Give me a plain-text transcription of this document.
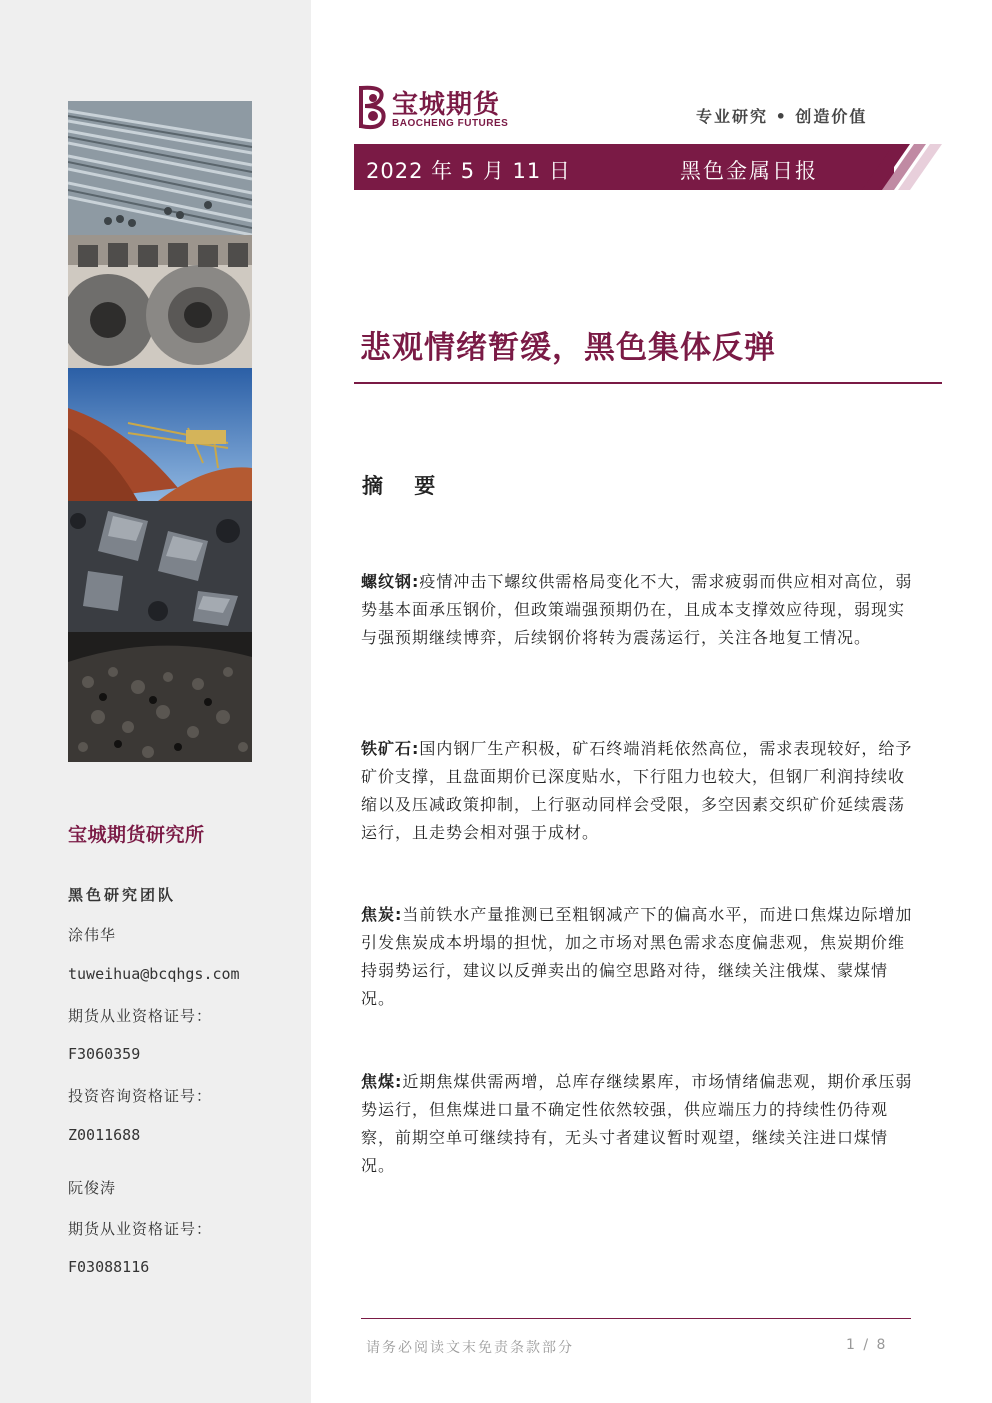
宝城期货研究所
黑色研究团队
涂伟华
tuweihua@bcqhgs.com
期货从业资格证号：
F3060359
投资咨询资格证号：
Z0011688
阮俊涛
期货从业资格证号：
F03088116
宝城期货
BAOCHENG FUTURES	专业研究 • 创造价值
2022 年 5 月 11 日	黑色金属日报
悲观情绪暂缓，黑色集体反弹
摘 要
螺纹钢:疫情冲击下螺纹供需格局变化不大，需求疲弱而供应相对高位，弱势基本面承压钢价，但政策端强预期仍在，且成本支撑效应待现，弱现实与强预期继续博弈，后续钢价将转为震荡运行，关注各地复工情况。
铁矿石:国内钢厂生产积极，矿石终端消耗依然高位，需求表现较好，给予矿价支撑，且盘面期价已深度贴水，下行阻力也较大，但钢厂利润持续收缩以及压减政策抑制，上行驱动同样会受限，多空因素交织矿价延续震荡运行，且走势会相对强于成材。
焦炭:当前铁水产量推测已至粗钢减产下的偏高水平，而进口焦煤边际增加引发焦炭成本坍塌的担忧，加之市场对黑色需求态度偏悲观，焦炭期价维持弱势运行，建议以反弹卖出的偏空思路对待，继续关注俄煤、蒙煤情况。
焦煤:近期焦煤供需两增，总库存继续累库，市场情绪偏悲观，期价承压弱势运行，但焦煤进口量不确定性依然较强，供应端压力的持续性仍待观察，前期空单可继续持有，无头寸者建议暂时观望，继续关注进口煤情况。
请务必阅读文末免责条款部分	1 / 8
